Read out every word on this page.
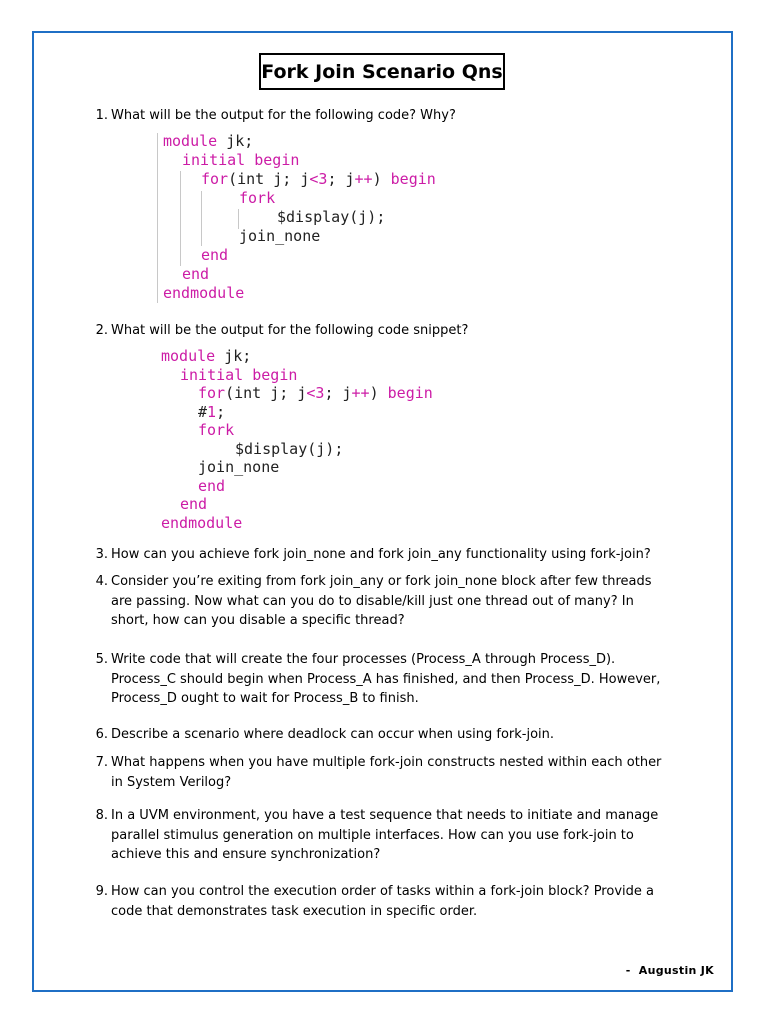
Fork Join Scenario Qns
1. What will be the output for the following code? Why?
module jk;
initial begin
for(int j; j<3; j++) begin
fork
$display(j);
join_none
end
end
endmodule
2. What will be the output for the following code snippet?
module jk;
initial begin
for(int j; j<3; j++) begin
#1;
fork
$display(j);
join_none
end
end
endmodule
3. How can you achieve fork join_none and fork join_any functionality using fork-join?
4. Consider you’re exiting from fork join_any or fork join_none block after few threads are passing. Now what can you do to disable/kill just one thread out of many? In short, how can you disable a specific thread?
5. Write code that will create the four processes (Process_A through Process_D). Process_C should begin when Process_A has finished, and then Process_D. However, Process_D ought to wait for Process_B to finish.
6. Describe a scenario where deadlock can occur when using fork-join.
7. What happens when you have multiple fork-join constructs nested within each other in System Verilog?
8. In a UVM environment, you have a test sequence that needs to initiate and manage parallel stimulus generation on multiple interfaces. How can you use fork-join to achieve this and ensure synchronization?
9. How can you control the execution order of tasks within a fork-join block? Provide a code that demonstrates task execution in specific order.
- Augustin JK
